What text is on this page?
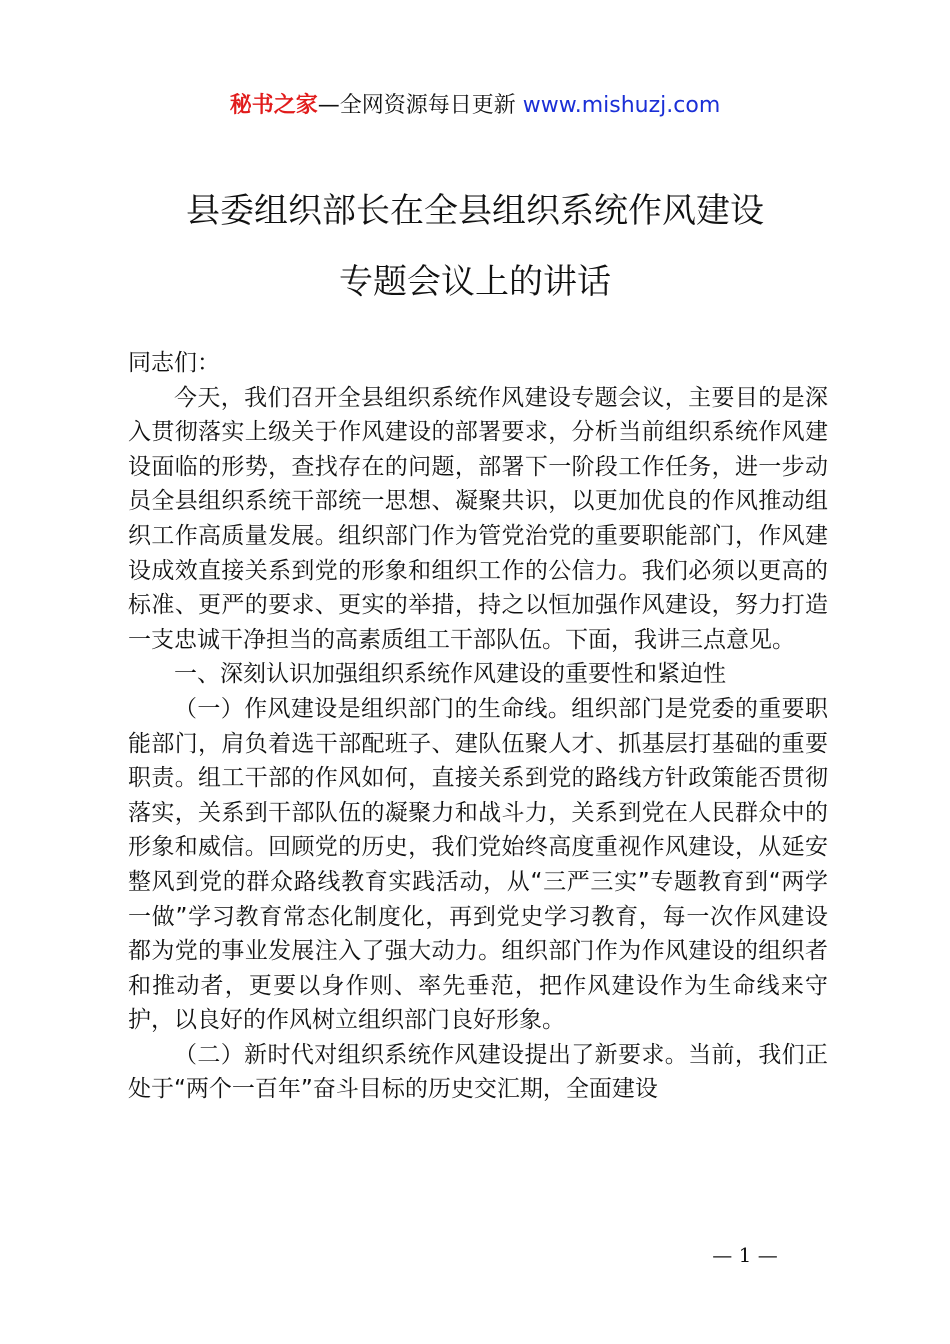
秘书之家—全网资源每日更新 www.mishuzj.com
县委组织部长在全县组织系统作风建设
专题会议上的讲话

同志们：

今天，我们召开全县组织系统作风建设专题会议，主要目的是深入贯彻落实上级关于作风建设的部署要求，分析当前组织系统作风建设面临的形势，查找存在的问题，部署下一阶段工作任务，进一步动员全县组织系统干部统一思想、凝聚共识，以更加优良的作风推动组织工作高质量发展。组织部门作为管党治党的重要职能部门，作风建设成效直接关系到党的形象和组织工作的公信力。我们必须以更高的标准、更严的要求、更实的举措，持之以恒加强作风建设，努力打造一支忠诚干净担当的高素质组工干部队伍。下面，我讲三点意见。

一、深刻认识加强组织系统作风建设的重要性和紧迫性

（一）作风建设是组织部门的生命线。组织部门是党委的重要职能部门，肩负着选干部配班子、建队伍聚人才、抓基层打基础的重要职责。组工干部的作风如何，直接关系到党的路线方针政策能否贯彻落实，关系到干部队伍的凝聚力和战斗力，关系到党在人民群众中的形象和威信。回顾党的历史，我们党始终高度重视作风建设，从延安整风到党的群众路线教育实践活动，从“三严三实”专题教育到“两学一做”学习教育常态化制度化，再到党史学习教育，每一次作风建设都为党的事业发展注入了强大动力。组织部门作为作风建设的组织者和推动者，更要以身作则、率先垂范，把作风建设作为生命线来守护，以良好的作风树立组织部门良好形象。

（二）新时代对组织系统作风建设提出了新要求。当前，我们正处于“两个一百年”奋斗目标的历史交汇期，全面建设

— 1 —
